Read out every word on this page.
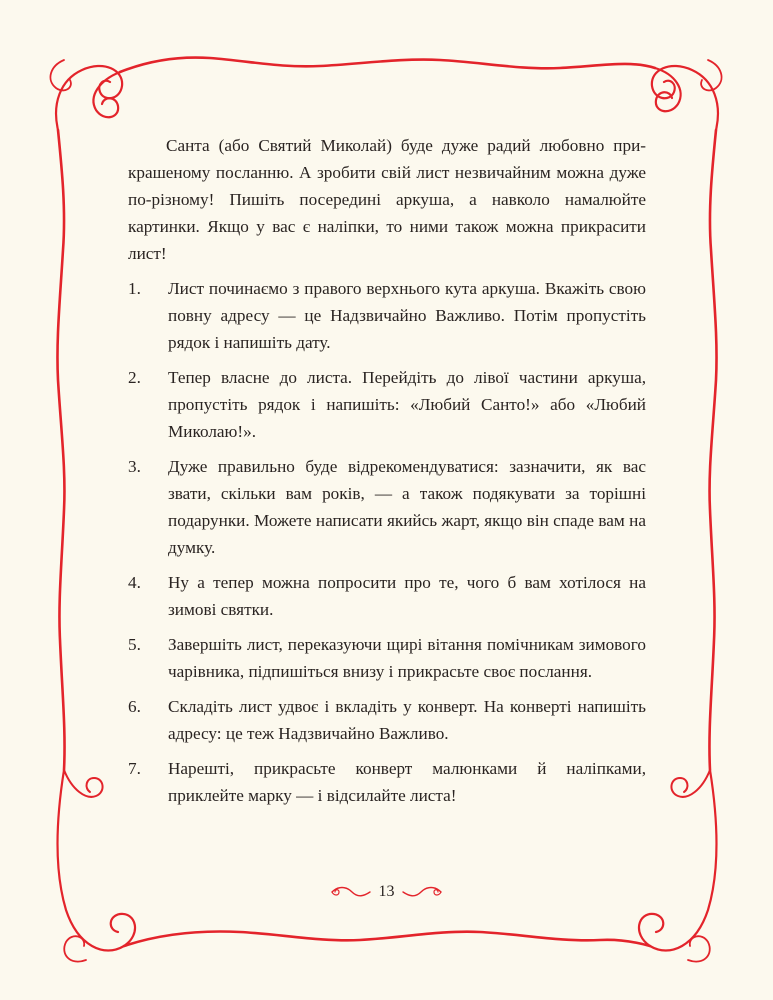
Санта (або Святий Миколай) буде дуже радий любовно прикрашеному посланню. А зробити свій лист незвичайним можна дуже по-різному! Пишіть посередині аркуша, а навколо намалюйте картинки. Якщо у вас є наліпки, то ними також можна прикрасити лист!

1.	Лист починаємо з правого верхнього кута аркуша. Вкажіть свою повну адресу — це Надзвичайно Важливо. Потім пропустіть рядок і напишіть дату.
2.	Тепер власне до листа. Перейдіть до лівої частини аркуша, пропустіть рядок і напишіть: «Любий Санто!» або «Любий Миколаю!».
3.	Дуже правильно буде відрекомендуватися: зазначити, як вас звати, скільки вам років, — а також подякувати за торішні подарунки. Можете написати якийсь жарт, якщо він спаде вам на думку.
4.	Ну а тепер можна попросити про те, чого б вам хотілося на зимові святки.
5.	Завершіть лист, переказуючи щирі вітання помічникам зимового чарівника, підпишіться внизу і прикрасьте своє послання.
6.	Складіть лист удвоє і вкладіть у конверт. На конверті напишіть адресу: це теж Надзвичайно Важливо.
7.	Нарешті, прикрасьте конверт малюнками й наліпками, приклейте марку — і відсилайте листа!
13
